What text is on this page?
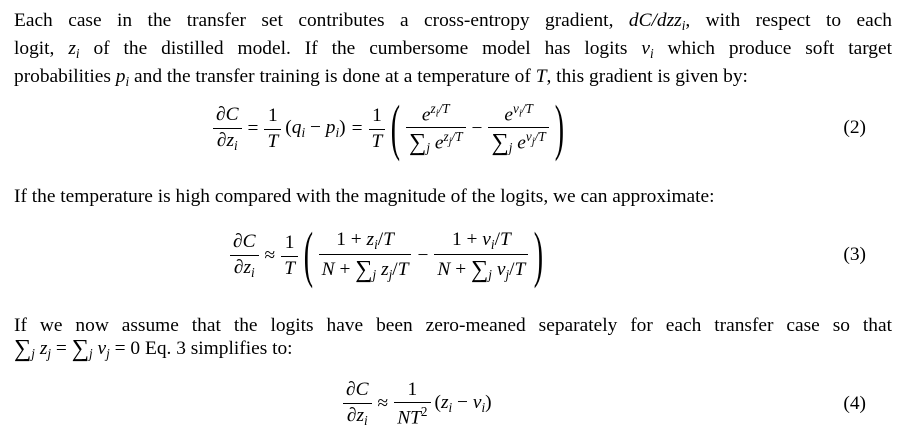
Each case in the transfer set contributes a cross-entropy gradient, dC/dzz$_i$, with respect to each
logit, $z_i$ of the distilled model. If the cumbersome model has logits $v_i$ which produce soft target
probabilities $p_i$ and the transfer training is done at a temperature of T, this gradient is given by:
$\frac{\partial C}{\partial z_i} = \frac{1}{T} (q_i - p_i) = \frac{1}{T}$ ( $\frac{e^{z_i/T}}{\sum_j e^{z_j/T}} - \frac{e^{v_i/T}}{\sum_j e^{v_j/T}}$ )	(2)
If the temperature is high compared with the magnitude of the logits, we can approximate:
$\frac{\partial C}{\partial z_i} \approx \frac{1}{T}$ ( $\frac{1 + z_i/T}{N + \sum_j z_j/T} - \frac{1 + v_i/T}{N + \sum_j v_j/T}$ )	(3)
If we now assume that the logits have been zero-meaned separately for each transfer case so that
$\sum_j$ $z_j = \sum_j$ $v_j = 0$ Eq. 3 simplifies to:
$\frac{\partial C}{\partial z_i} \approx \frac{1}{NT^2} (z_i - v_i)$	(4)
